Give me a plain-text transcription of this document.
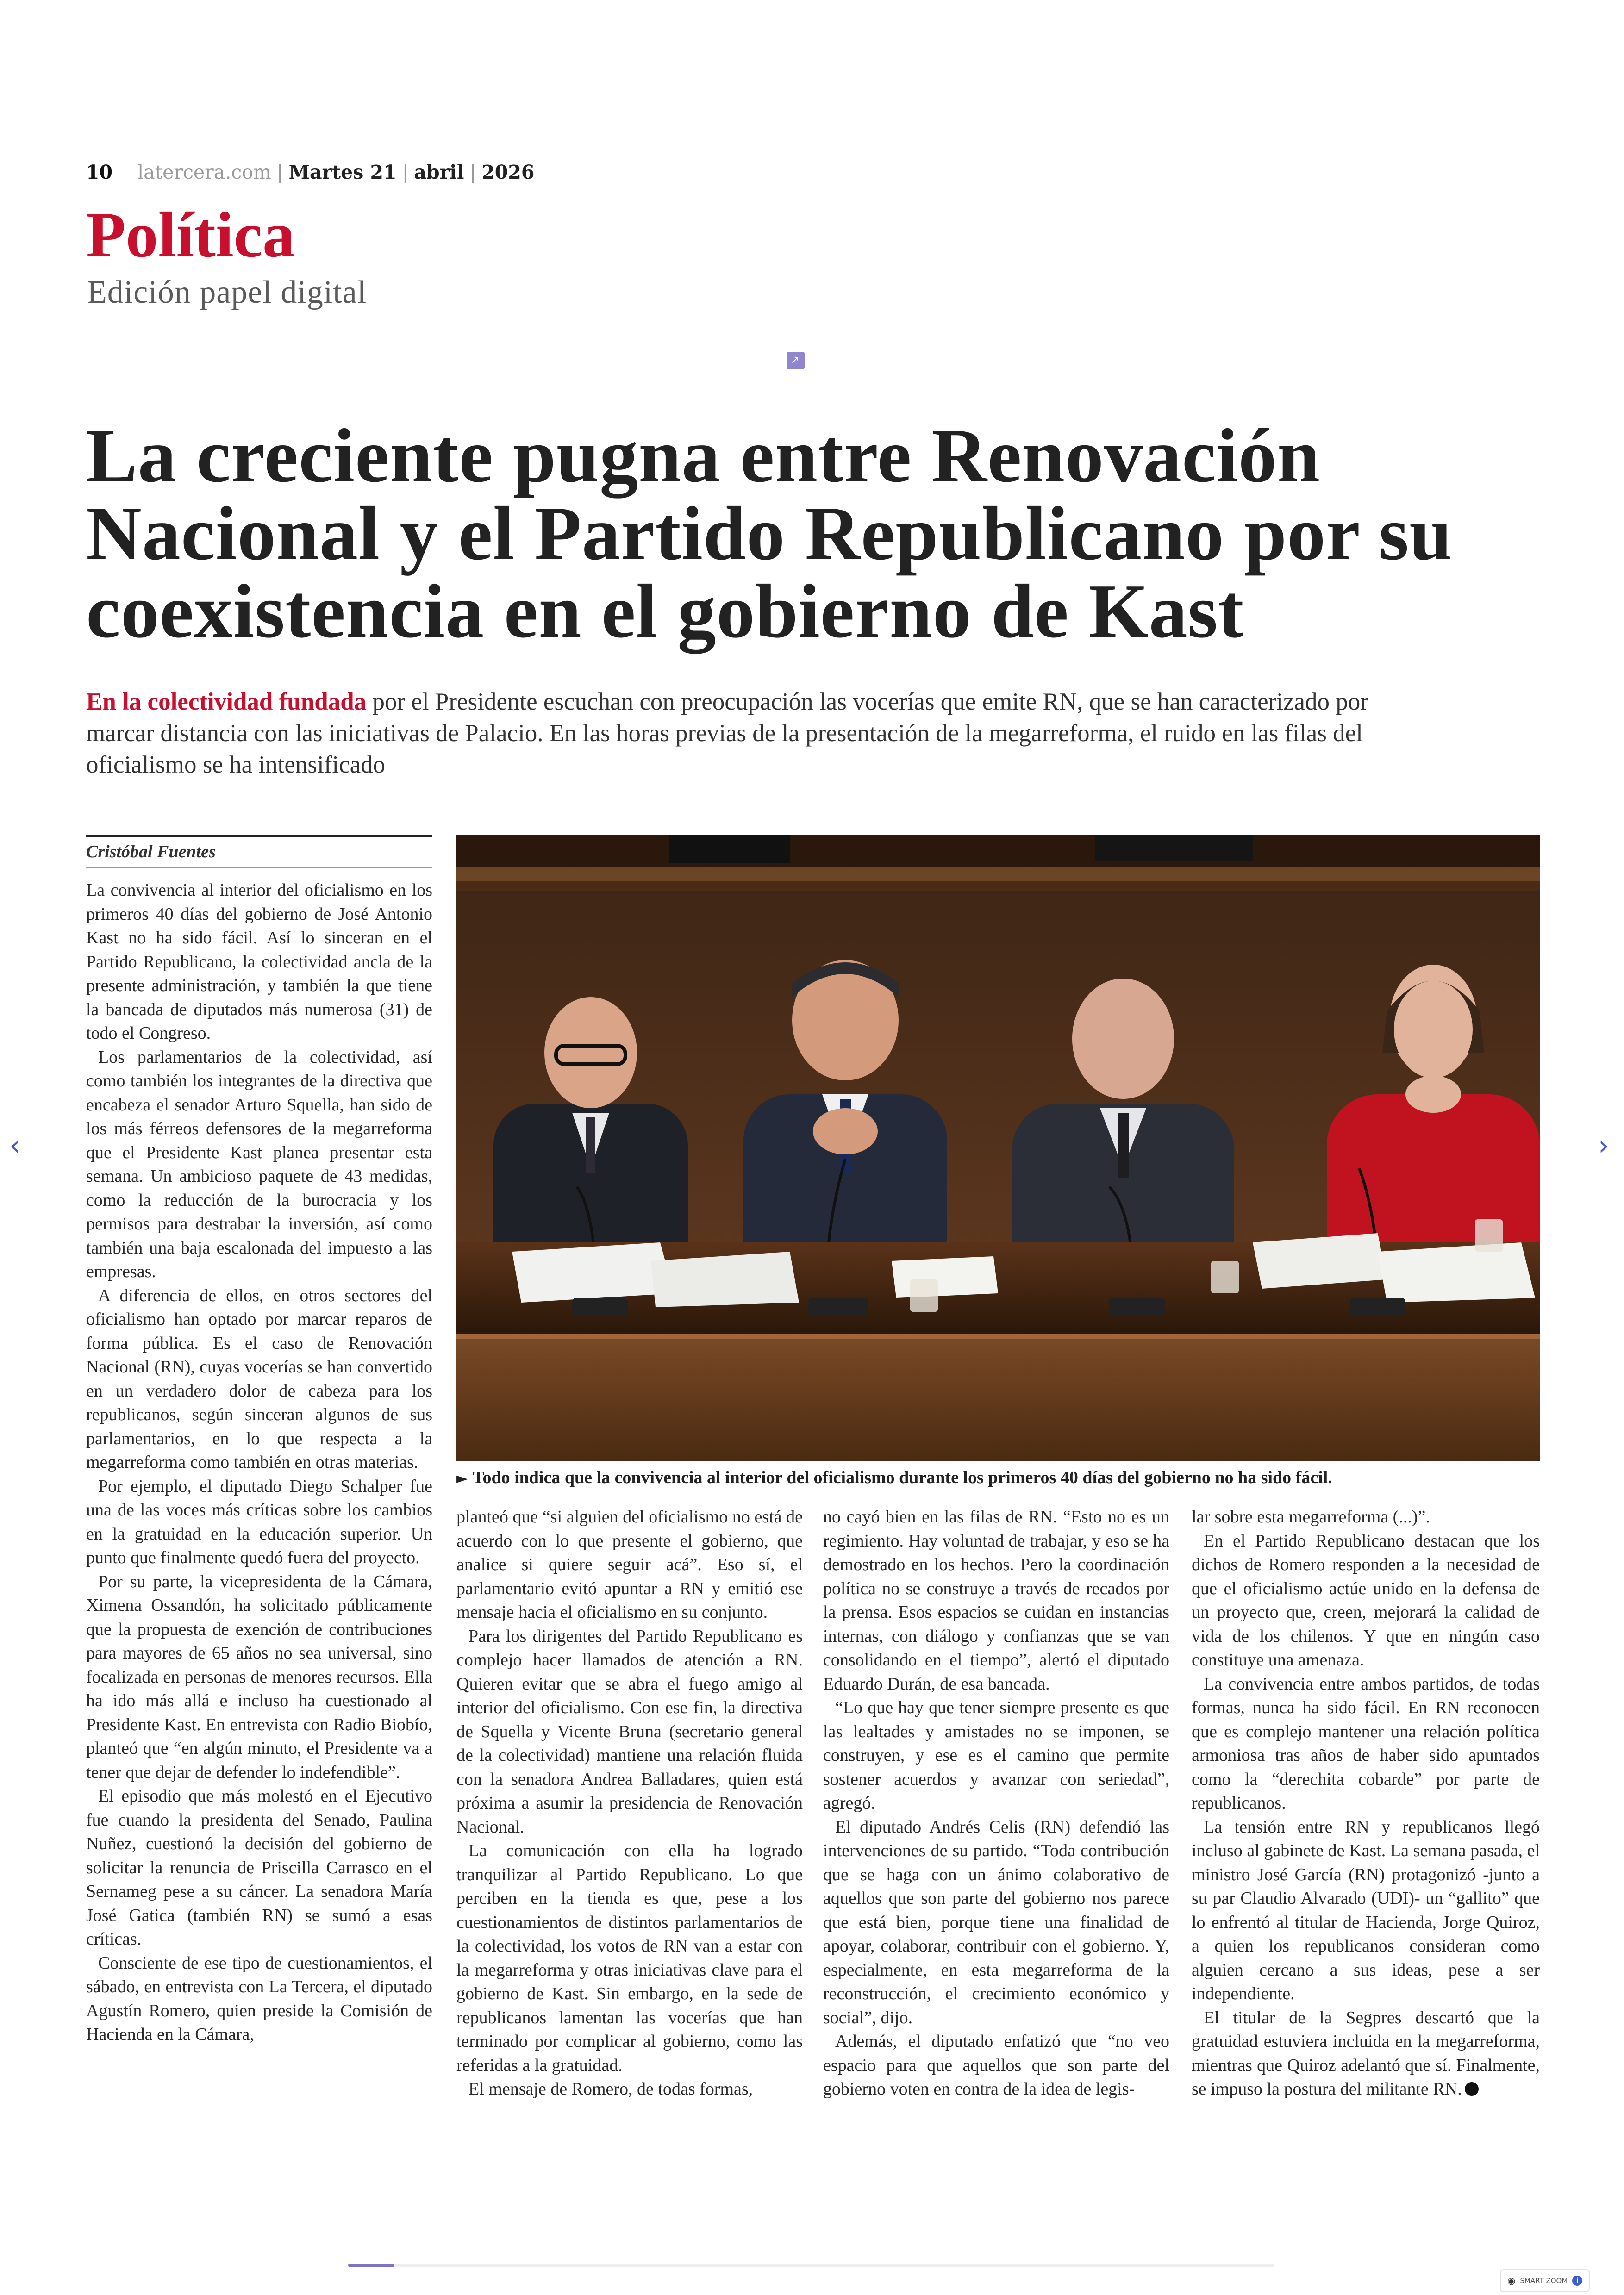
10 latercera.com | Martes 21 | abril | 2026
Política
Edición papel digital
↗
La creciente pugna entre Renovación Nacional y el Partido Republicano por su coexistencia en el gobierno de Kast
En la colectividad fundada por el Presidente escuchan con preocupación las vocerías que emite RN, que se han caracterizado por marcar distancia con las iniciativas de Palacio. En las horas previas de la presentación de la megarreforma, el ruido en las filas del oficialismo se ha intensificado
Cristóbal Fuentes
► Todo indica que la convivencia al interior del oficialismo durante los primeros 40 días del gobierno no ha sido fácil.

La convivencia al interior del oficialismo en los primeros 40 días del gobierno de José Antonio Kast no ha sido fácil. Así lo sinceran en el Partido Republicano, la colectividad ancla de la presente administración, y también la que tiene la bancada de diputados más numerosa (31) de todo el Congreso.

Los parlamentarios de la colectividad, así como también los integrantes de la directiva que encabeza el senador Arturo Squella, han sido de los más férreos defensores de la megarreforma que el Presidente Kast planea presentar esta semana. Un ambicioso paquete de 43 medidas, como la reducción de la burocracia y los permisos para destrabar la inversión, así como también una baja escalonada del impuesto a las empresas.

A diferencia de ellos, en otros sectores del oficialismo han optado por marcar reparos de forma pública. Es el caso de Renovación Nacional (RN), cuyas vocerías se han convertido en un verdadero dolor de cabeza para los republicanos, según sinceran algunos de sus parlamentarios, en lo que respecta a la megarreforma como también en otras materias.

Por ejemplo, el diputado Diego Schalper fue una de las voces más críticas sobre los cambios en la gratuidad en la educación superior. Un punto que finalmente quedó fuera del proyecto.

Por su parte, la vicepresidenta de la Cámara, Ximena Ossandón, ha solicitado públicamente que la propuesta de exención de contribuciones para mayores de 65 años no sea universal, sino focalizada en personas de menores recursos. Ella ha ido más allá e incluso ha cuestionado al Presidente Kast. En entrevista con Radio Biobío, planteó que “en algún minuto, el Presidente va a tener que dejar de defender lo indefendible”.

El episodio que más molestó en el Ejecutivo fue cuando la presidenta del Senado, Paulina Nuñez, cuestionó la decisión del gobierno de solicitar la renuncia de Priscilla Carrasco en el Sernameg pese a su cáncer. La senadora María José Gatica (también RN) se sumó a esas críticas.

Consciente de ese tipo de cuestionamientos, el sábado, en entrevista con La Tercera, el diputado Agustín Romero, quien preside la Comisión de Hacienda en la Cámara,

planteó que “si alguien del oficialismo no está de acuerdo con lo que presente el gobierno, que analice si quiere seguir acá”. Eso sí, el parlamentario evitó apuntar a RN y emitió ese mensaje hacia el oficialismo en su conjunto.

Para los dirigentes del Partido Republicano es complejo hacer llamados de atención a RN. Quieren evitar que se abra el fuego amigo al interior del oficialismo. Con ese fin, la directiva de Squella y Vicente Bruna (secretario general de la colectividad) mantiene una relación fluida con la senadora Andrea Balladares, quien está próxima a asumir la presidencia de Renovación Nacional.

La comunicación con ella ha logrado tranquilizar al Partido Republicano. Lo que perciben en la tienda es que, pese a los cuestionamientos de distintos parlamentarios de la colectividad, los votos de RN van a estar con la megarreforma y otras iniciativas clave para el gobierno de Kast. Sin embargo, en la sede de republicanos lamentan las vocerías que han terminado por complicar al gobierno, como las referidas a la gratuidad.

El mensaje de Romero, de todas formas,

no cayó bien en las filas de RN. “Esto no es un regimiento. Hay voluntad de trabajar, y eso se ha demostrado en los hechos. Pero la coordinación política no se construye a través de recados por la prensa. Esos espacios se cuidan en instancias internas, con diálogo y confianzas que se van consolidando en el tiempo”, alertó el diputado Eduardo Durán, de esa bancada.

“Lo que hay que tener siempre presente es que las lealtades y amistades no se imponen, se construyen, y ese es el camino que permite sostener acuerdos y avanzar con seriedad”, agregó.

El diputado Andrés Celis (RN) defendió las intervenciones de su partido. “Toda contribución que se haga con un ánimo colaborativo de aquellos que son parte del gobierno nos parece que está bien, porque tiene una finalidad de apoyar, colaborar, contribuir con el gobierno. Y, especialmente, en esta megarreforma de la reconstrucción, el crecimiento económico y social”, dijo.

Además, el diputado enfatizó que “no veo espacio para que aquellos que son parte del gobierno voten en contra de la idea de legis-

lar sobre esta megarreforma (...)”.

En el Partido Republicano destacan que los dichos de Romero responden a la necesidad de que el oficialismo actúe unido en la defensa de un proyecto que, creen, mejorará la calidad de vida de los chilenos. Y que en ningún caso constituye una amenaza.

La convivencia entre ambos partidos, de todas formas, nunca ha sido fácil. En RN reconocen que es complejo mantener una relación política armoniosa tras años de haber sido apuntados como la “derechita cobarde” por parte de republicanos.

La tensión entre RN y republicanos llegó incluso al gabinete de Kast. La semana pasada, el ministro José García (RN) protagonizó -junto a su par Claudio Alvarado (UDI)- un “gallito” que lo enfrentó al titular de Hacienda, Jorge Quiroz, a quien los republicanos consideran como alguien cercano a sus ideas, pese a ser independiente.

El titular de la Segpres descartó que la gratuidad estuviera incluida en la megarreforma, mientras que Quiroz adelantó que sí. Finalmente, se impuso la postura del militante RN.

‹	›
◉ SMART ZOOM	i
